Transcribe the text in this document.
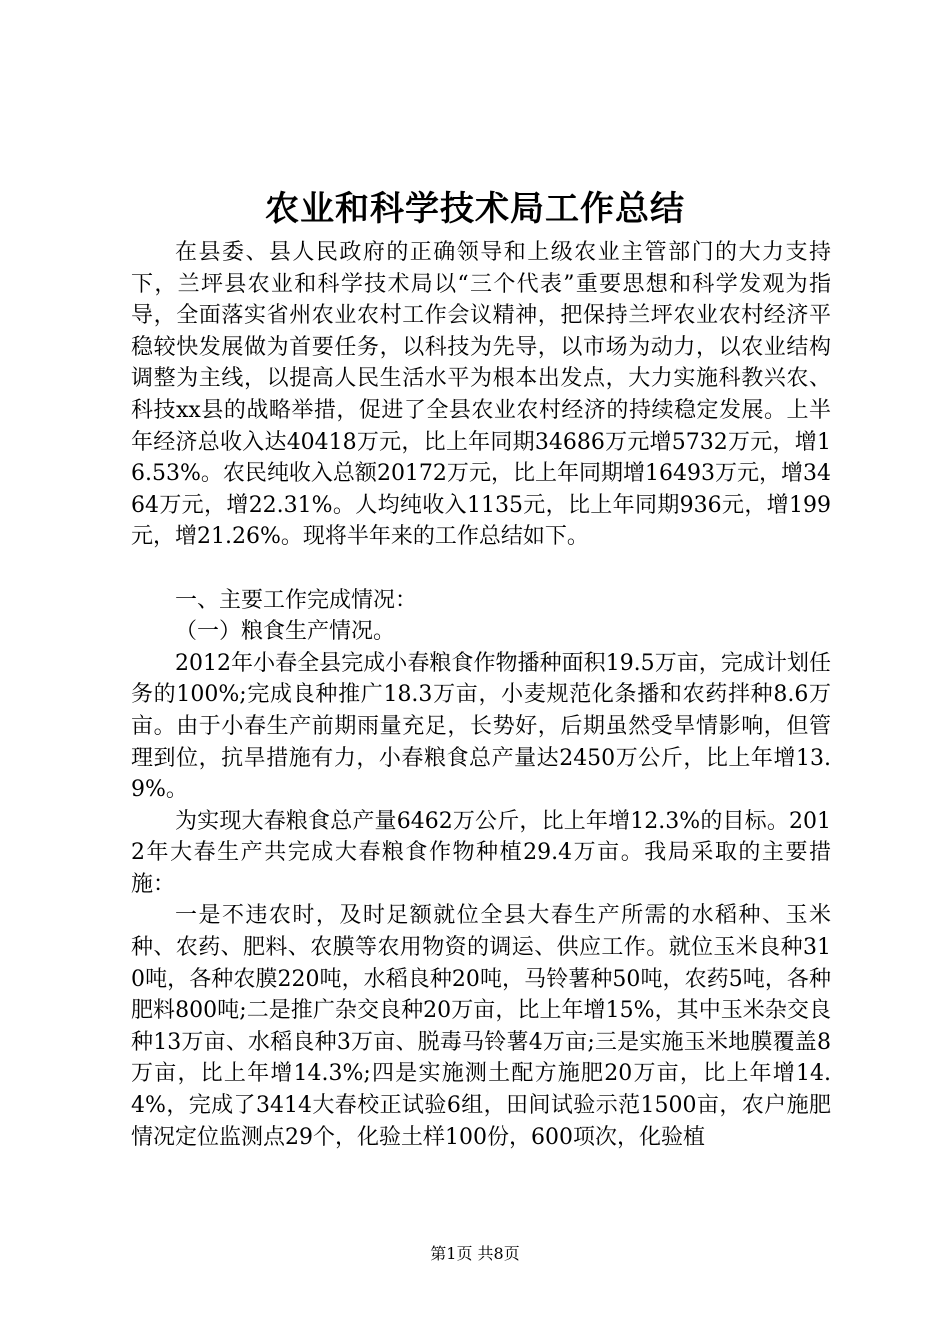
农业和科学技术局工作总结

在县委、县人民政府的正确领导和上级农业主管部门的大力支持下，兰坪县农业和科学技术局以“三个代表”重要思想和科学发观为指导，全面落实省州农业农村工作会议精神，把保持兰坪农业农村经济平稳较快发展做为首要任务，以科技为先导，以市场为动力，以农业结构调整为主线，以提高人民生活水平为根本出发点，大力实施科教兴农、科技xx县的战略举措，促进了全县农业农村经济的持续稳定发展。上半年经济总收入达40418万元，比上年同期34686万元增5732万元，增16.53%。农民纯收入总额20172万元，比上年同期增16493万元，增3464万元，增22.31%。人均纯收入1135元，比上年同期936元，增199元，增21.26%。现将半年来的工作总结如下。

一、主要工作完成情况：

（一）粮食生产情况。

2012年小春全县完成小春粮食作物播种面积19.5万亩，完成计划任务的100%;完成良种推广18.3万亩，小麦规范化条播和农药拌种8.6万亩。由于小春生产前期雨量充足，长势好，后期虽然受旱情影响，但管理到位，抗旱措施有力，小春粮食总产量达2450万公斤，比上年增13.9%。

为实现大春粮食总产量6462万公斤，比上年增12.3%的目标。2012年大春生产共完成大春粮食作物种植29.4万亩。我局采取的主要措施：

一是不违农时，及时足额就位全县大春生产所需的水稻种、玉米种、农药、肥料、农膜等农用物资的调运、供应工作。就位玉米良种310吨，各种农膜220吨，水稻良种20吨，马铃薯种50吨，农药5吨，各种肥料800吨;二是推广杂交良种20万亩，比上年增15%，其中玉米杂交良种13万亩、水稻良种3万亩、脱毒马铃薯4万亩;三是实施玉米地膜覆盖8万亩，比上年增14.3%;四是实施测土配方施肥20万亩，比上年增14.4%，完成了3414大春校正试验6组，田间试验示范1500亩，农户施肥情况定位监测点29个，化验土样100份，600项次，化验植

第1页 共8页
